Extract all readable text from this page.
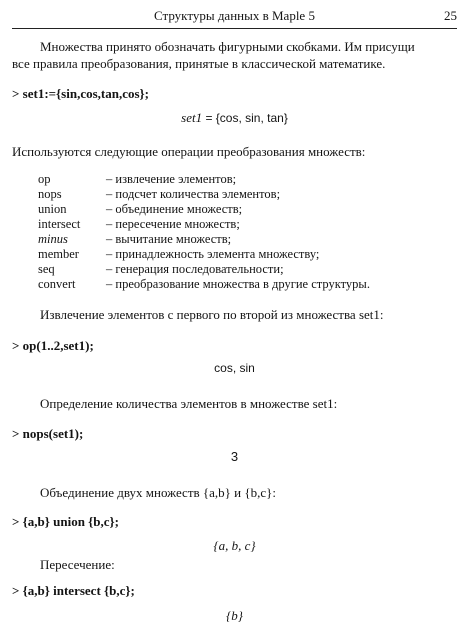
Структуры данных в Maple 5	25
Множества принято обозначать фигурными скобками. Им присущи
все правила преобразования, принятые в классической математике.
> set1:={sin,cos,tan,cos};
set1 = {cos, sin, tan}
Используются следующие операции преобразования множеств:
op	– извлечение элементов;
nops	– подсчет количества элементов;
union	– объединение множеств;
intersect	– пересечение множеств;
minus	– вычитание множеств;
member	– принадлежность элемента множеству;
seq	– генерация последовательности;
convert	– преобразование множества в другие структуры.
Извлечение элементов с первого по второй из множества set1:
> op(1..2,set1);
cos, sin
Определение количества элементов в множестве set1:
> nops(set1);
3
Объединение двух множеств {a,b} и {b,c}:
> {a,b} union {b,c};
{a, b, c}
Пересечение:
> {a,b} intersect {b,c};
{b}
